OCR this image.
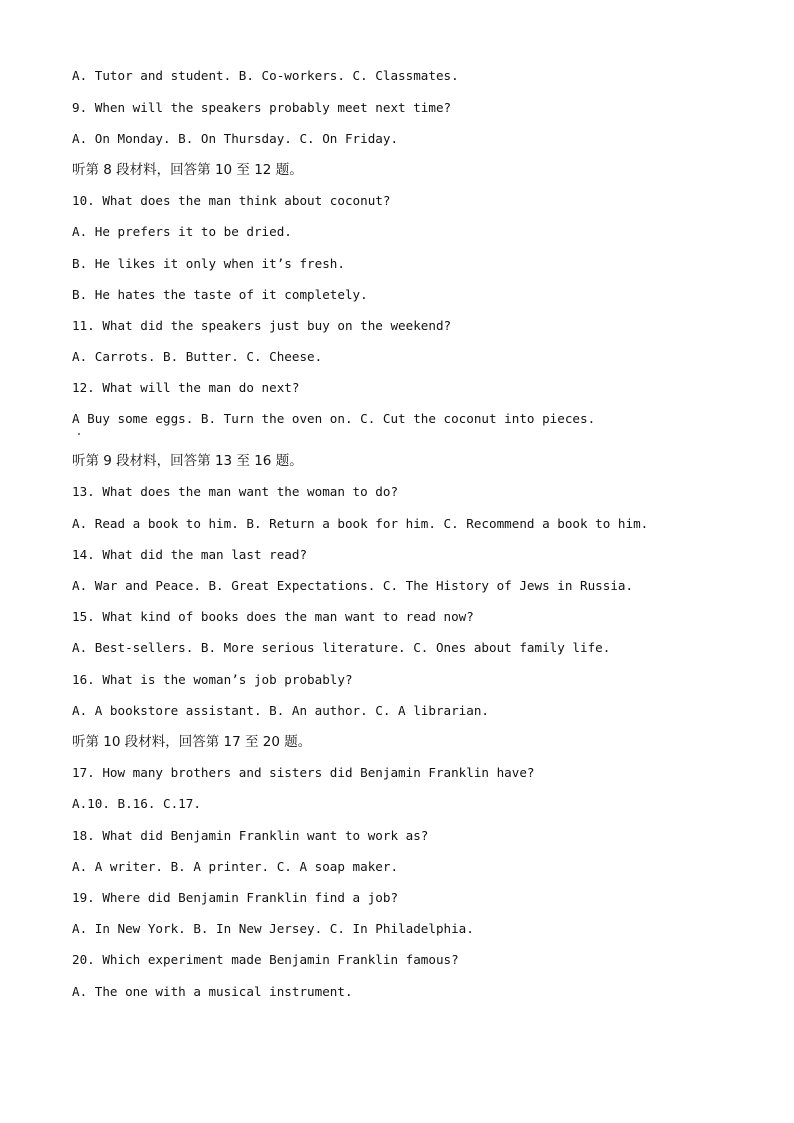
A. Tutor and student. B. Co-workers. C. Classmates.
9. When will the speakers probably meet next time?
A. On Monday. B. On Thursday. C. On Friday.
听第 8 段材料，回答第 10 至 12 题。
10. What does the man think about coconut?
A. He prefers it to be dried.
B. He likes it only when it’s fresh.
B. He hates the taste of it completely.
11. What did the speakers just buy on the weekend?
A. Carrots. B. Butter. C. Cheese.
12. What will the man do next?
A Buy some eggs. B. Turn the oven on. C. Cut the coconut into pieces.
听第 9 段材料，回答第 13 至 16 题。
13. What does the man want the woman to do?
A. Read a book to him. B. Return a book for him. C. Recommend a book to him.
14. What did the man last read?
A. War and Peace. B. Great Expectations. C. The History of Jews in Russia.
15. What kind of books does the man want to read now?
A. Best-sellers. B. More serious literature. C. Ones about family life.
16. What is the woman’s job probably?
A. A bookstore assistant. B. An author. C. A librarian.
听第 10 段材料，回答第 17 至 20 题。
17. How many brothers and sisters did Benjamin Franklin have?
A.10. B.16. C.17.
18. What did Benjamin Franklin want to work as?
A. A writer. B. A printer. C. A soap maker.
19. Where did Benjamin Franklin find a job?
A. In New York. B. In New Jersey. C. In Philadelphia.
20. Which experiment made Benjamin Franklin famous?
A. The one with a musical instrument.
